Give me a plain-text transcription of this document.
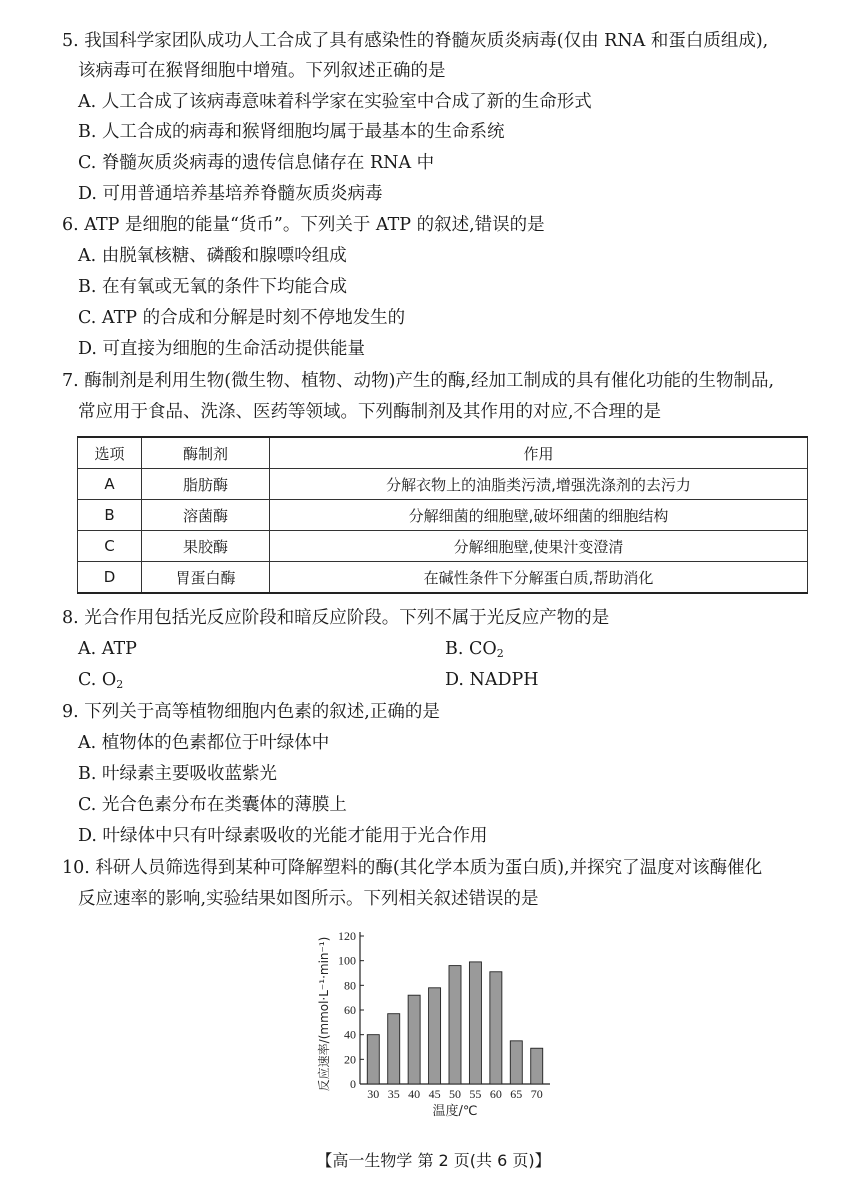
5. 我国科学家团队成功人工合成了具有感染性的脊髓灰质炎病毒(仅由 RNA 和蛋白质组成),
该病毒可在猴肾细胞中增殖。下列叙述正确的是
A. 人工合成了该病毒意味着科学家在实验室中合成了新的生命形式
B. 人工合成的病毒和猴肾细胞均属于最基本的生命系统
C. 脊髓灰质炎病毒的遗传信息储存在 RNA 中
D. 可用普通培养基培养脊髓灰质炎病毒
6. ATP 是细胞的能量“货币”。下列关于 ATP 的叙述,错误的是
A. 由脱氧核糖、磷酸和腺嘌呤组成
B. 在有氧或无氧的条件下均能合成
C. ATP 的合成和分解是时刻不停地发生的
D. 可直接为细胞的生命活动提供能量
7. 酶制剂是利用生物(微生物、植物、动物)产生的酶,经加工制成的具有催化功能的生物制品,
常应用于食品、洗涤、医药等领域。下列酶制剂及其作用的对应,不合理的是
选项	酶制剂	作用
A	脂肪酶	分解衣物上的油脂类污渍,增强洗涤剂的去污力
B	溶菌酶	分解细菌的细胞壁,破坏细菌的细胞结构
C	果胶酶	分解细胞壁,使果汁变澄清
D	胃蛋白酶	在碱性条件下分解蛋白质,帮助消化
8. 光合作用包括光反应阶段和暗反应阶段。下列不属于光反应产物的是
A. ATP	B. $CO_2$
C. $O_2$	D. NADPH
9. 下列关于高等植物细胞内色素的叙述,正确的是
A. 植物体的色素都位于叶绿体中
B. 叶绿素主要吸收蓝紫光
C. 光合色素分布在类囊体的薄膜上
D. 叶绿体中只有叶绿素吸收的光能才能用于光合作用
10. 科研人员筛选得到某种可降解塑料的酶(其化学本质为蛋白质),并探究了温度对该酶催化
反应速率的影响,实验结果如图所示。下列相关叙述错误的是
0
20
40
60
80
100
120
30 35 40 45 50 55 60 65 70
温度/℃
反应速率/(mmol·L⁻¹·min⁻¹)
【高一生物学 第 2 页(共 6 页)】
